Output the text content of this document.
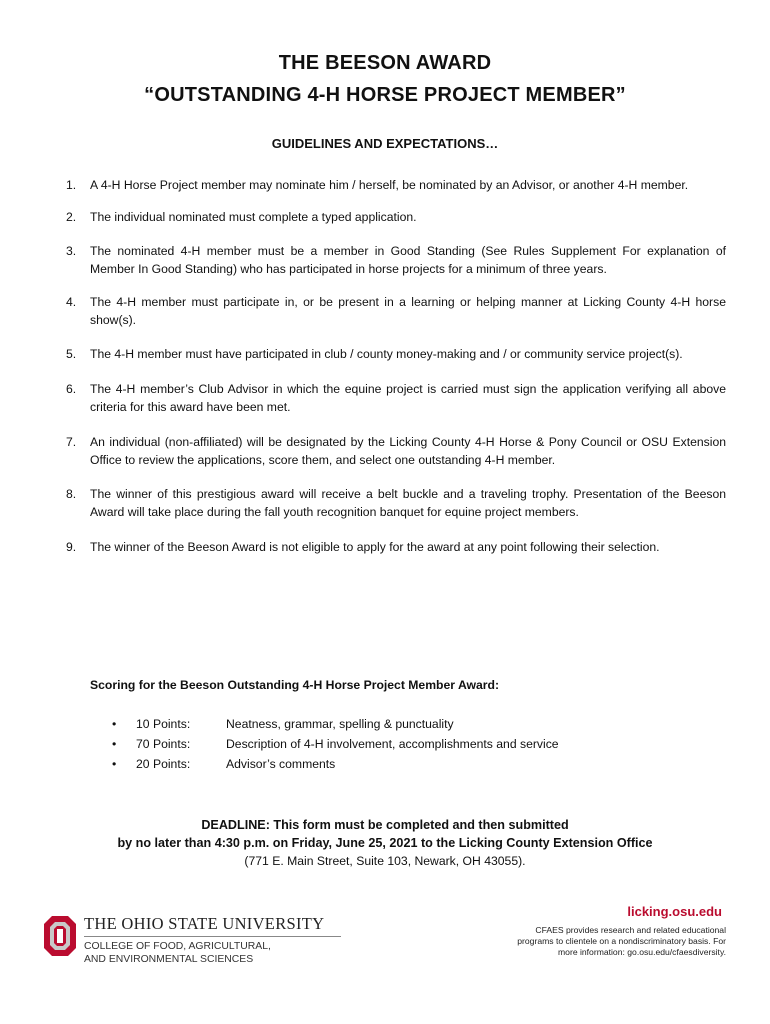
THE BEESON AWARD
“OUTSTANDING 4-H HORSE PROJECT MEMBER”
GUIDELINES AND EXPECTATIONS…
1. A 4-H Horse Project member may nominate him / herself, be nominated by an Advisor, or another 4-H member.
2. The individual nominated must complete a typed application.
3. The nominated 4-H member must be a member in Good Standing (See Rules Supplement For explanation of Member In Good Standing) who has participated in horse projects for a minimum of three years.
4. The 4-H member must participate in, or be present in a learning or helping manner at Licking County 4-H horse show(s).
5. The 4-H member must have participated in club / county money-making and / or community service project(s).
6. The 4-H member’s Club Advisor in which the equine project is carried must sign the application verifying all above criteria for this award have been met.
7. An individual (non-affiliated) will be designated by the Licking County 4-H Horse & Pony Council or OSU Extension Office to review the applications, score them, and select one outstanding 4-H member.
8. The winner of this prestigious award will receive a belt buckle and a traveling trophy. Presentation of the Beeson Award will take place during the fall youth recognition banquet for equine project members.
9. The winner of the Beeson Award is not eligible to apply for the award at any point following their selection.
Scoring for the Beeson Outstanding 4-H Horse Project Member Award:
• 10 Points:	Neatness, grammar, spelling & punctuality
• 70 Points:	Description of 4-H involvement, accomplishments and service
• 20 Points:	Advisor’s comments
DEADLINE: This form must be completed and then submitted
by no later than 4:30 p.m. on Friday, June 25, 2021 to the Licking County Extension Office
(771 E. Main Street, Suite 103, Newark, OH 43055).
THE OHIO STATE UNIVERSITY
COLLEGE OF FOOD, AGRICULTURAL,
AND ENVIRONMENTAL SCIENCES
licking.osu.edu
CFAES provides research and related educational
programs to clientele on a nondiscriminatory basis. For
more information: go.osu.edu/cfaesdiversity.
